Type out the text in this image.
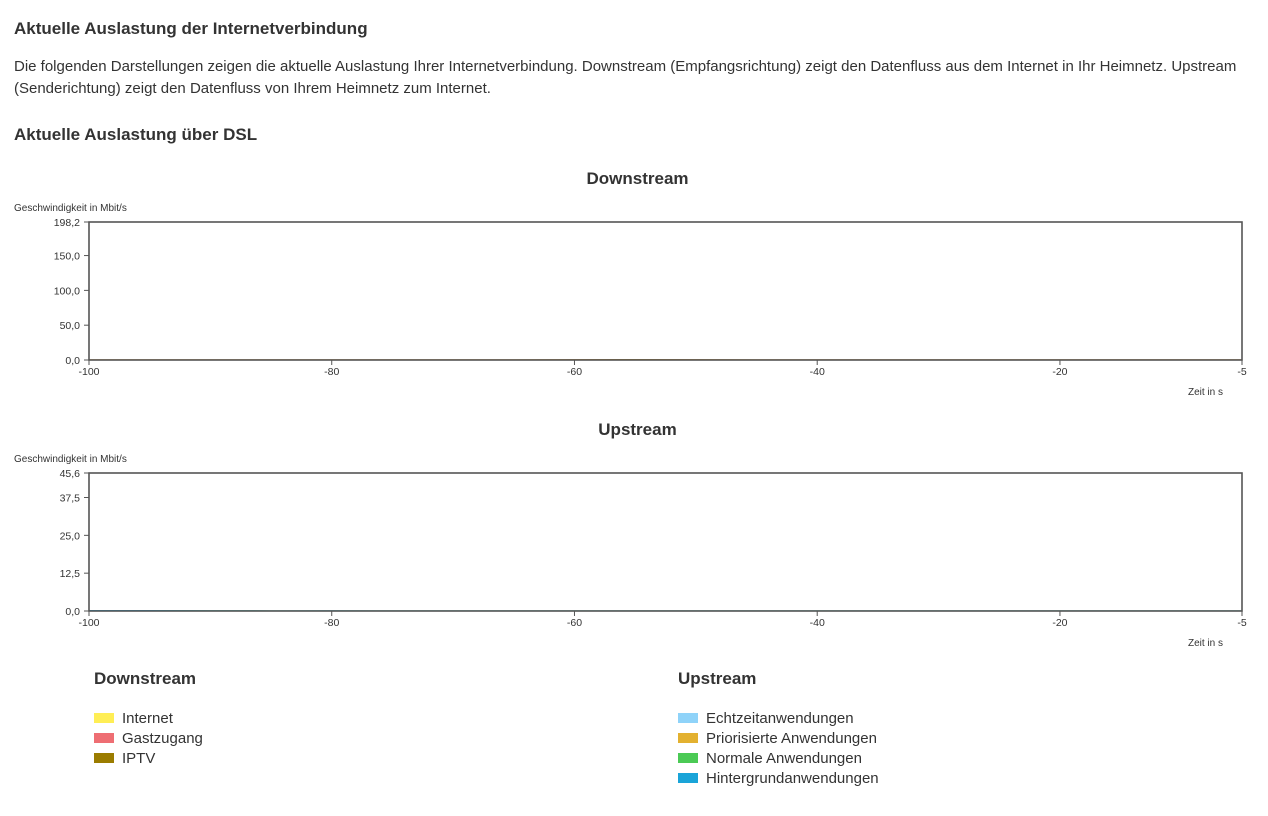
Aktuelle Auslastung der Internetverbindung

Die folgenden Darstellungen zeigen die aktuelle Auslastung Ihrer Internetverbindung. Downstream (Empfangsrichtung) zeigt den Datenfluss aus dem Internet in Ihr Heimnetz. Upstream (Senderichtung) zeigt den Datenfluss von Ihrem Heimnetz zum Internet.

Aktuelle Auslastung über DSL
Downstream
Geschwindigkeit in Mbit/s
Zeit in s
0,0
50,0
100,0
150,0
198,2
-100	-80	-60	-40	-20	-5
Upstream
Geschwindigkeit in Mbit/s
Zeit in s
0,0
12,5
25,0
37,5
45,6
-100	-80	-60	-40	-20	-5
Downstream
Internet
Gastzugang
IPTV
Upstream
Echtzeitanwendungen
Priorisierte Anwendungen
Normale Anwendungen
Hintergrundanwendungen
